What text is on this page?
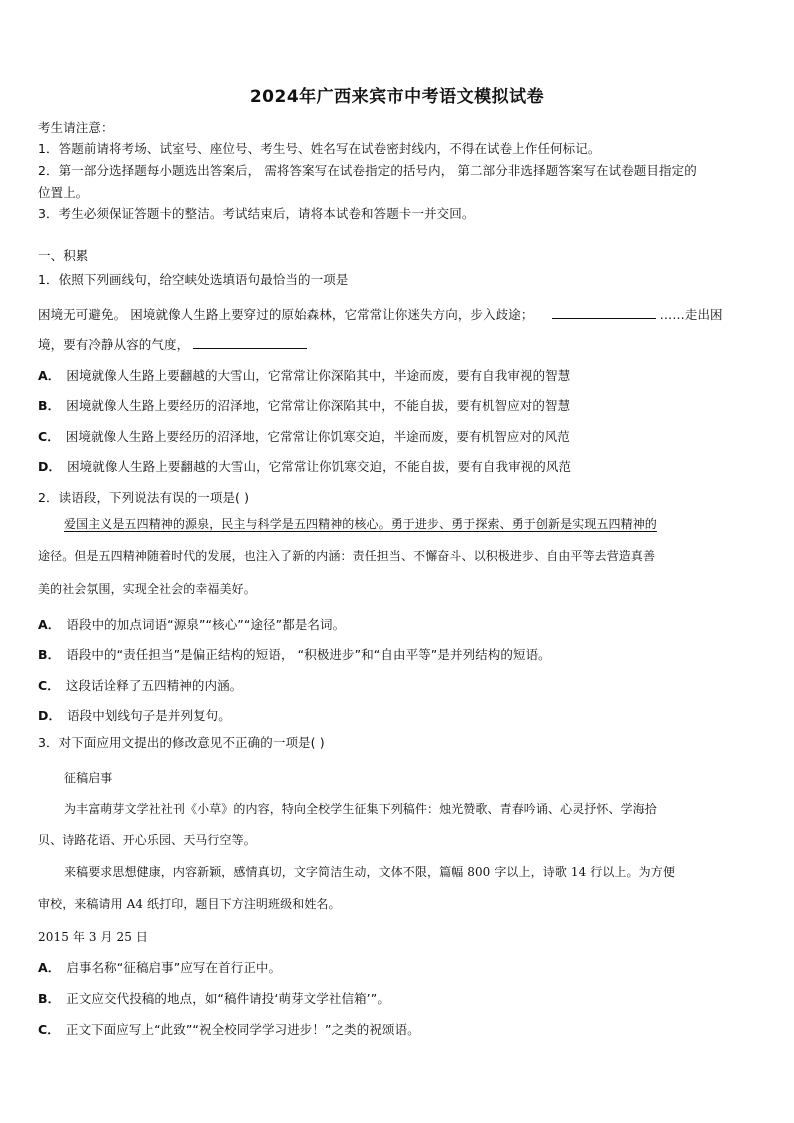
2024年广西来宾市中考语文模拟试卷
考生请注意：
1．答题前请将考场、试室号、座位号、考生号、姓名写在试卷密封线内，不得在试卷上作任何标记。
2．第一部分选择题每小题选出答案后， 需将答案写在试卷指定的括号内， 第二部分非选择题答案写在试卷题目指定的
位置上。
3．考生必须保证答题卡的整洁。考试结束后，请将本试卷和答题卡一并交回。
一、积累
1．依照下列画线句，给空峡处选填语句最恰当的一项是
困境无可避免。 困境就像人生路上要穿过的原始森林，它常常让你迷失方向，步入歧途；	……走出困
境，要有冷静从容的气度，
A． 困境就像人生路上要翻越的大雪山，它常常让你深陷其中，半途而废，要有自我审视的智慧
B． 困境就像人生路上要经历的沼泽地，它常常让你深陷其中，不能自拔，要有机智应对的智慧
C． 困境就像人生路上要经历的沼泽地，它常常让你饥寒交迫，半途而废，要有机智应对的风范
D． 困境就像人生路上要翻越的大雪山，它常常让你饥寒交迫，不能自拔，要有自我审视的风范
2．读语段，下列说法有误的一项是( )
爱国主义是五四精神的源泉，民主与科学是五四精神的核心。勇于进步、勇于探索、勇于创新是实现五四精神的
途径。但是五四精神随着时代的发展，也注入了新的内涵：责任担当、不懈奋斗、以积极进步、自由平等去营造真善
美的社会氛围，实现全社会的幸福美好。
A． 语段中的加点词语“源泉”“核心”“途径”都是名词。
B． 语段中的“责任担当”是偏正结构的短语， “积极进步”和“自由平等”是并列结构的短语。
C． 这段话诠释了五四精神的内涵。
D． 语段中划线句子是并列复句。
3．对下面应用文提出的修改意见不正确的一项是( )
征稿启事
为丰富萌芽文学社社刊《小草》的内容，特向全校学生征集下列稿件：烛光赞歌、青春吟诵、心灵抒怀、学海拾
贝、诗路花语、开心乐园、天马行空等。
来稿要求思想健康，内容新颖，感情真切，文字简洁生动，文体不限，篇幅 800 字以上，诗歌 14 行以上。为方便
审校，来稿请用 A4 纸打印，题目下方注明班级和姓名。
2015 年 3 月 25 日
A． 启事名称“征稿启事”应写在首行正中。
B． 正文应交代投稿的地点，如“稿件请投‘萌芽文学社信箱’”。
C． 正文下面应写上“此致”“祝全校同学学习进步！”之类的祝颂语。
